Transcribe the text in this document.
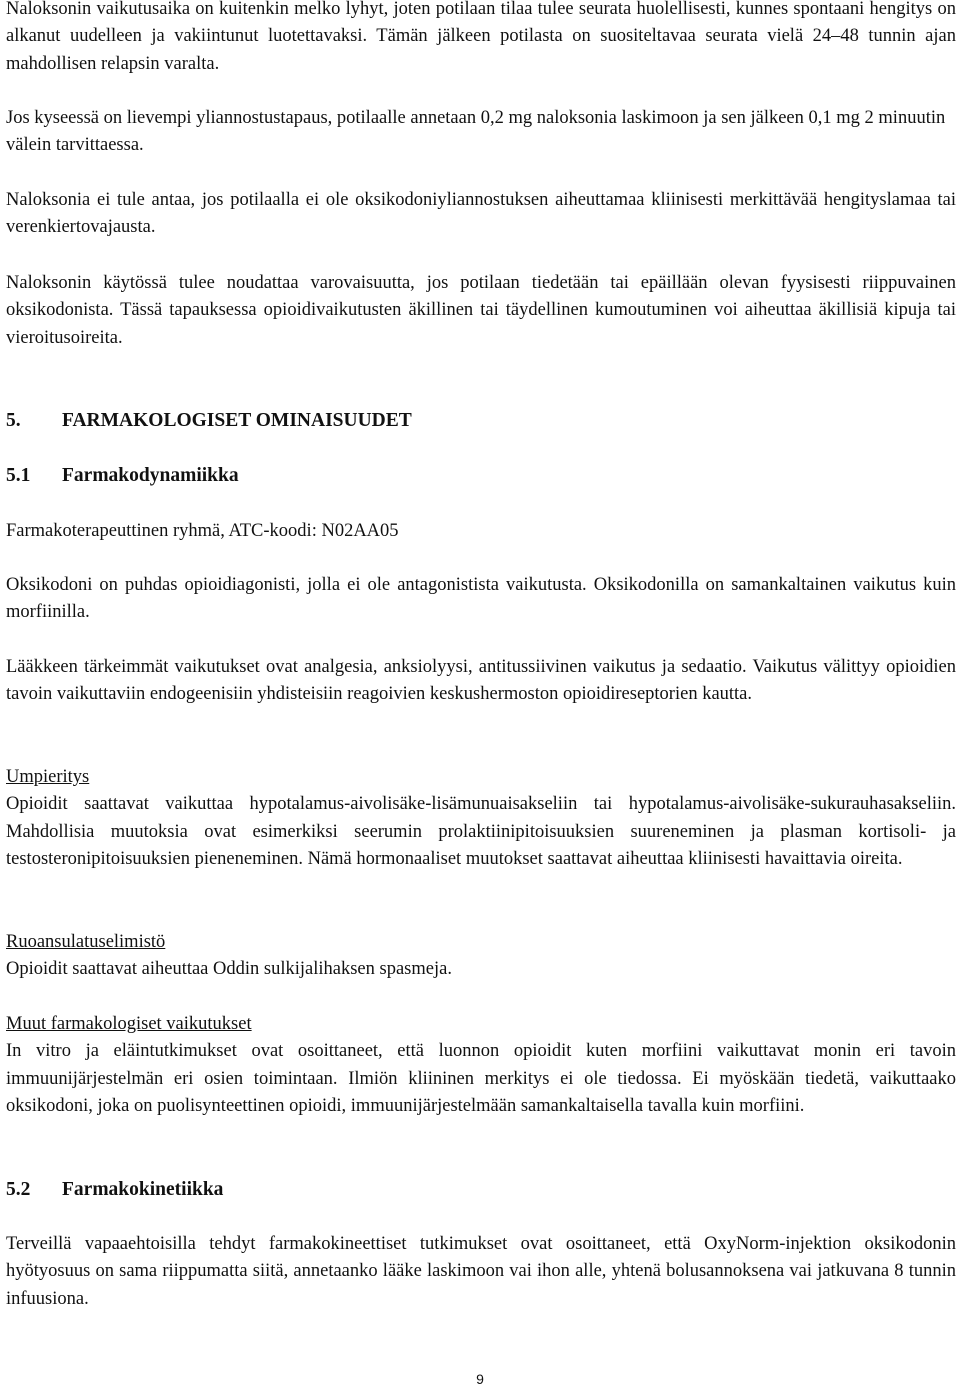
Naloksonin vaikutusaika on kuitenkin melko lyhyt, joten potilaan tilaa tulee seurata huolellisesti, kunnes spontaani hengitys on alkanut uudelleen ja vakiintunut luotettavaksi. Tämän jälkeen potilasta on suositeltavaa seurata vielä 24–48 tunnin ajan mahdollisen relapsin varalta.

Jos kyseessä on lievempi yliannostustapaus, potilaalle annetaan 0,2 mg naloksonia laskimoon ja sen jälkeen 0,1 mg 2 minuutin välein tarvittaessa.

Naloksonia ei tule antaa, jos potilaalla ei ole oksikodoniyliannostuksen aiheuttamaa kliinisesti merkittävää hengityslamaa tai verenkiertovajausta.

Naloksonin käytössä tulee noudattaa varovaisuutta, jos potilaan tiedetään tai epäillään olevan fyysisesti riippuvainen oksikodonista. Tässä tapauksessa opioidivaikutusten äkillinen tai täydellinen kumoutuminen voi aiheuttaa äkillisiä kipuja tai vieroitusoireita.

5. FARMAKOLOGISET OMINAISUUDET
5.1 Farmakodynamiikka

Farmakoterapeuttinen ryhmä, ATC-koodi: N02AA05

Oksikodoni on puhdas opioidiagonisti, jolla ei ole antagonistista vaikutusta. Oksikodonilla on samankaltainen vaikutus kuin morfiinilla.

Lääkkeen tärkeimmät vaikutukset ovat analgesia, anksiolyysi, antitussiivinen vaikutus ja sedaatio. Vaikutus välittyy opioidien tavoin vaikuttaviin endogeenisiin yhdisteisiin reagoivien keskushermoston opioidireseptorien kautta.

Umpieritys
Opioidit saattavat vaikuttaa hypotalamus-aivolisäke-lisämunuaisakseliin tai hypotalamus-aivolisäke-sukurauhasakseliin. Mahdollisia muutoksia ovat esimerkiksi seerumin prolaktiinipitoisuuksien suureneminen ja plasman kortisoli- ja testosteronipitoisuuksien pieneneminen. Nämä hormonaaliset muutokset saattavat aiheuttaa kliinisesti havaittavia oireita.
Ruoansulatuselimistö
Opioidit saattavat aiheuttaa Oddin sulkijalihaksen spasmeja.
Muut farmakologiset vaikutukset
In vitro ja eläintutkimukset ovat osoittaneet, että luonnon opioidit kuten morfiini vaikuttavat monin eri tavoin immuunijärjestelmän eri osien toimintaan. Ilmiön kliininen merkitys ei ole tiedossa. Ei myöskään tiedetä, vaikuttaako oksikodoni, joka on puolisynteettinen opioidi, immuunijärjestelmään samankaltaisella tavalla kuin morfiini.
5.2 Farmakokinetiikka

Terveillä vapaaehtoisilla tehdyt farmakokineettiset tutkimukset ovat osoittaneet, että OxyNorm-injektion oksikodonin hyötyosuus on sama riippumatta siitä, annetaanko lääke laskimoon vai ihon alle, yhtenä bolusannoksena vai jatkuvana 8 tunnin infuusiona.

9
